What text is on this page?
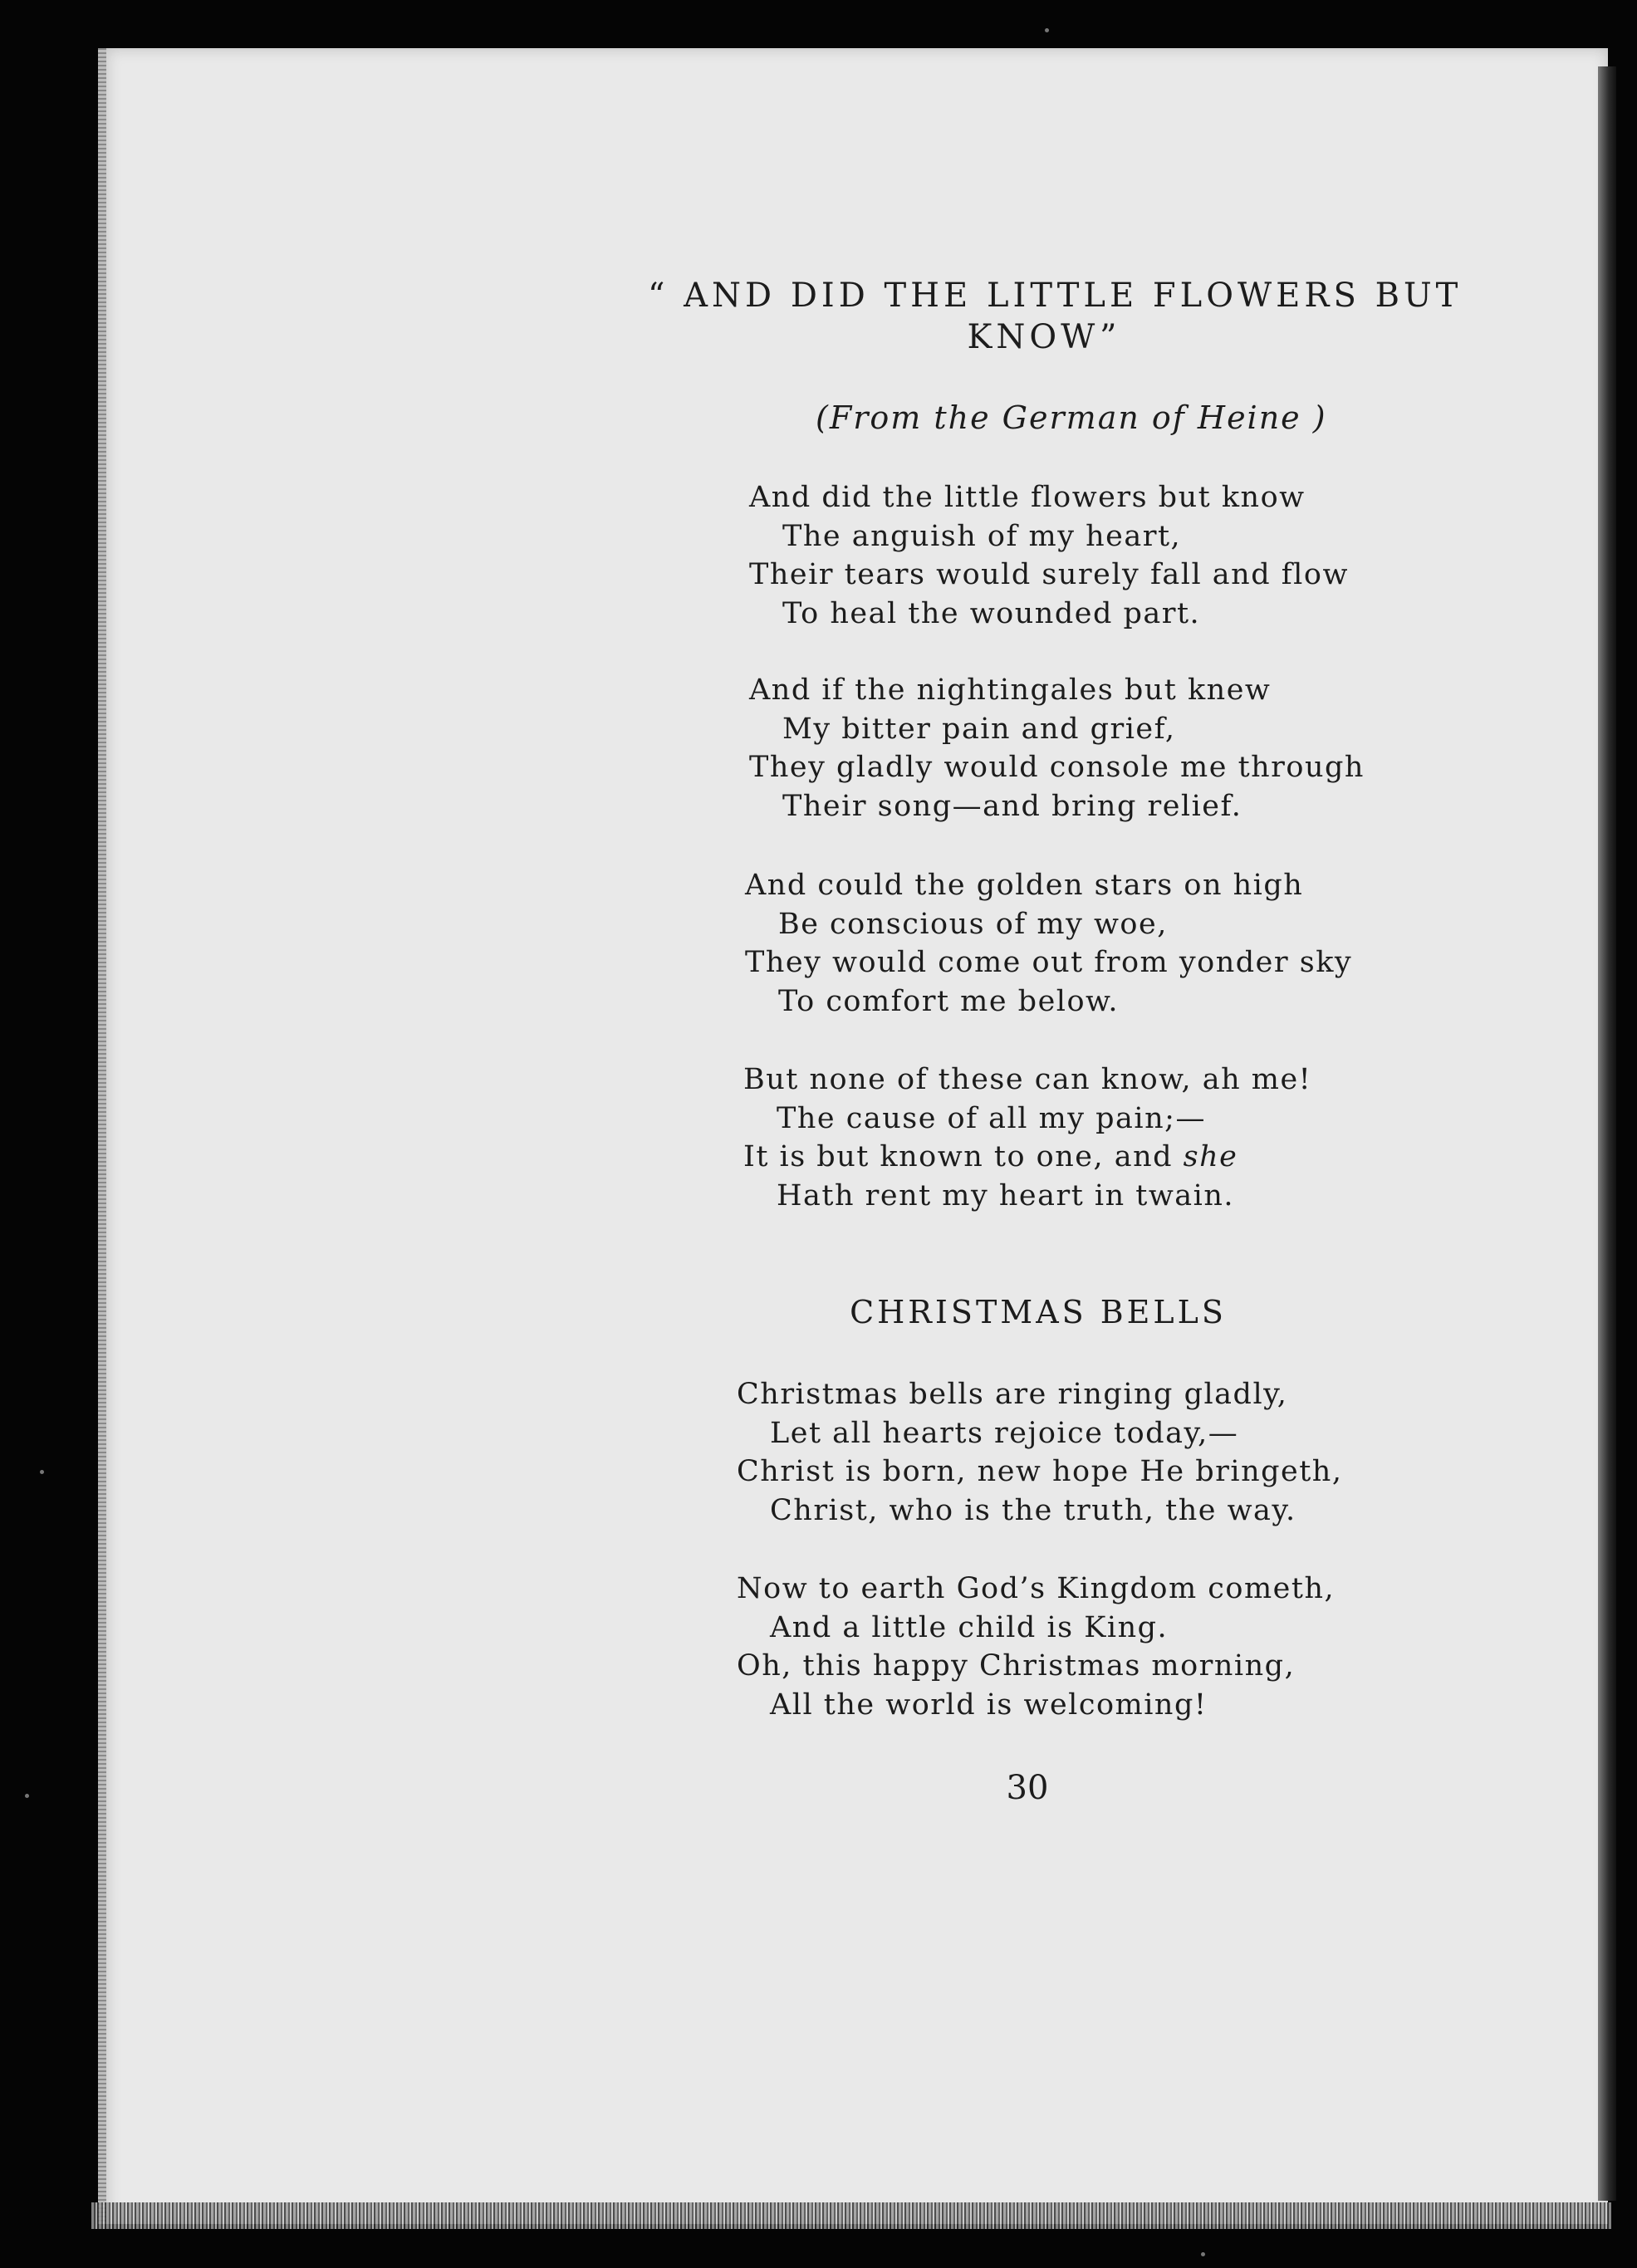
“ AND DID THE LITTLE FLOWERS BUT
KNOW”
(From the German of Heine )
And did the little flowers but know
The anguish of my heart,
Their tears would surely fall and flow
To heal the wounded part.
And if the nightingales but knew
My bitter pain and grief,
They gladly would console me through
Their song—and bring relief.
And could the golden stars on high
Be conscious of my woe,
They would come out from yonder sky
To comfort me below.
But none of these can know, ah me!
The cause of all my pain;—
It is but known to one, and she
Hath rent my heart in twain.
CHRISTMAS BELLS
Christmas bells are ringing gladly,
Let all hearts rejoice today,—
Christ is born, new hope He bringeth,
Christ, who is the truth, the way.
Now to earth God’s Kingdom cometh,
And a little child is King.
Oh, this happy Christmas morning,
All the world is welcoming!
30
